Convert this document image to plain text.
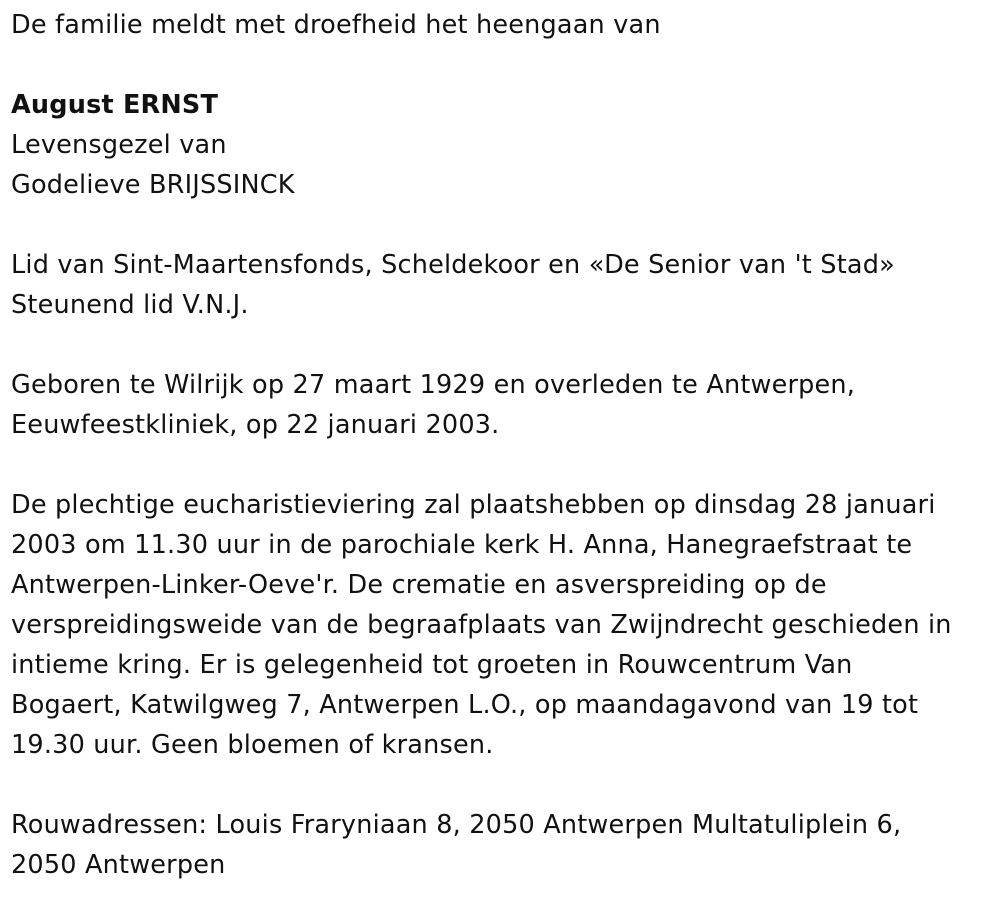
De familie meldt met droefheid het heengaan van
August ERNST
Levensgezel van
Godelieve BRIJSSINCK
Lid van Sint-Maartensfonds, Scheldekoor en «De Senior van 't Stad»
Steunend lid V.N.J.
Geboren te Wilrijk op 27 maart 1929 en overleden te Antwerpen,
Eeuwfeestkliniek, op 22 januari 2003.
De plechtige eucharistieviering zal plaatshebben op dinsdag 28 januari
2003 om 11.30 uur in de parochiale kerk H. Anna, Hanegraefstraat te
Antwerpen-Linker-Oeve'r. De crematie en asverspreiding op de
verspreidingsweide van de begraafplaats van Zwijndrecht geschieden in
intieme kring. Er is gelegenheid tot groeten in Rouwcentrum Van
Bogaert, Katwilgweg 7, Antwerpen L.O., op maandagavond van 19 tot
19.30 uur. Geen bloemen of kransen.
Rouwadressen: Louis Fraryniaan 8, 2050 Antwerpen Multatuliplein 6,
2050 Antwerpen
